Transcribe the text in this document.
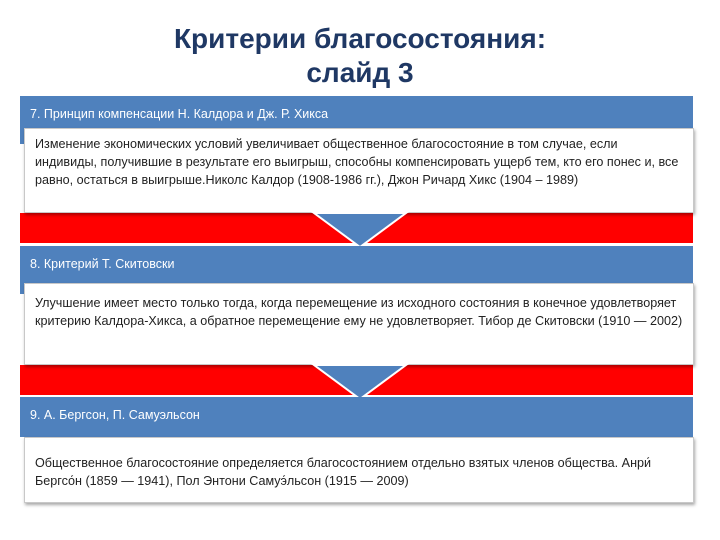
Критерии благосостояния:
слайд 3
7. Принцип компенсации Н. Калдора и Дж. Р. Хикса
Изменение экономических условий увеличивает общественное благосостояние в том случае, если индивиды, получившие в результате его выигрыш, способны компенсировать ущерб тем, кто его понес и, все равно, остаться в выигрыше.Николс Калдор (1908-1986 гг.), Джон Ричард Хикс (1904 – 1989)
8. Критерий Т. Скитовски
Улучшение имеет место только тогда, когда перемещение из исходного состояния в конечное удовлетворяет критерию Калдора-Хикса, а обратное перемещение ему не удовлетворяет. Тибор де Скитовски (1910 — 2002)
9. А. Бергсон, П. Самуэльсон
Общественное благосостояние определяется благосостоянием отдельно взятых членов общества. Анри́ Бергсо́н (1859 — 1941), Пол Энтони Самуэ́льсон (1915 — 2009)
